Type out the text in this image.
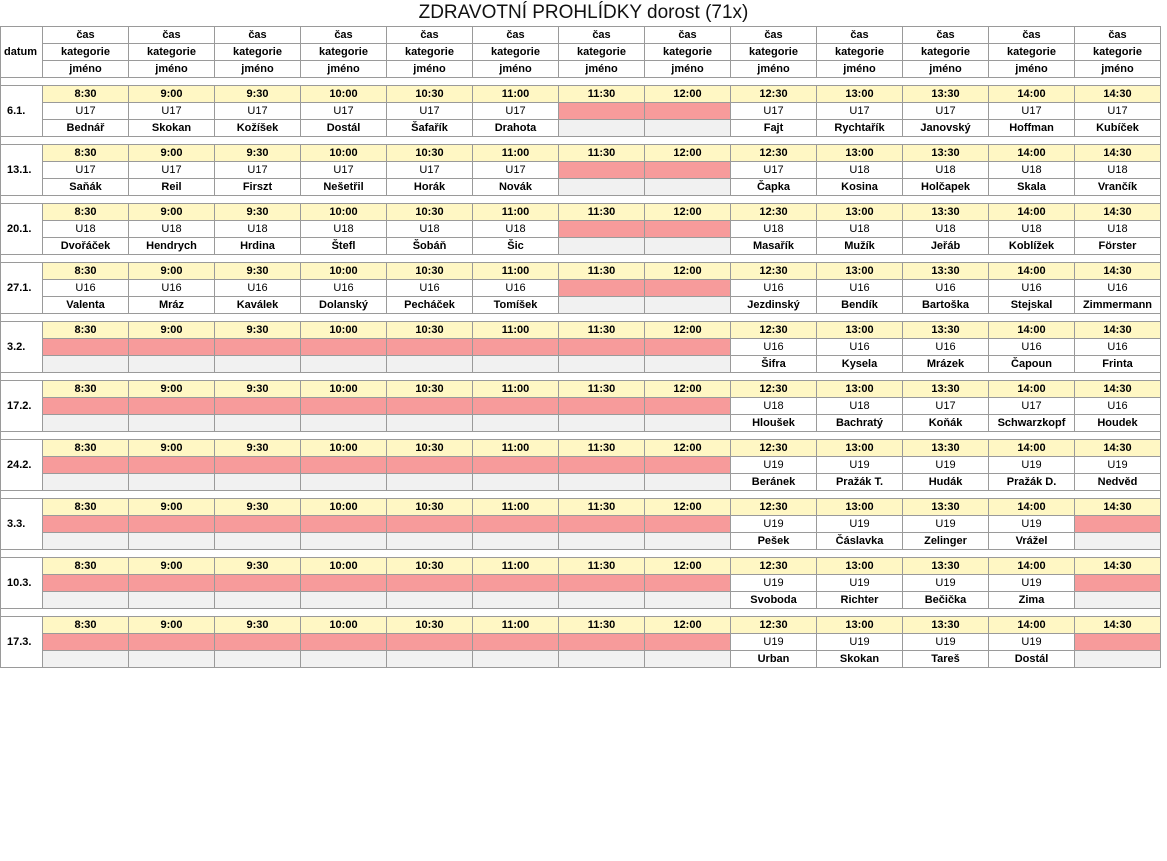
ZDRAVOTNÍ PROHLÍDKY dorost (71x)
datum	čas	čas	čas	čas	čas	čas	čas	čas	čas	čas	čas	čas	čas
	kategorie	kategorie	kategorie	kategorie	kategorie	kategorie	kategorie	kategorie	kategorie	kategorie	kategorie	kategorie	kategorie
	jméno	jméno	jméno	jméno	jméno	jméno	jméno	jméno	jméno	jméno	jméno	jméno	jméno

6.1.	8:30	9:00	9:30	10:00	10:30	11:00	11:30	12:00	12:30	13:00	13:30	14:00	14:30
	U17	U17	U17	U17	U17	U17			U17	U17	U17	U17	U17
	Bednář	Skokan	Kožíšek	Dostál	Šafařík	Drahota			Fajt	Rychtařík	Janovský	Hoffman	Kubíček

13.1.	8:30	9:00	9:30	10:00	10:30	11:00	11:30	12:00	12:30	13:00	13:30	14:00	14:30
	U17	U17	U17	U17	U17	U17			U17	U18	U18	U18	U18
	Saňák	Reil	Firszt	Nešetřil	Horák	Novák			Čapka	Kosina	Holčapek	Skala	Vrančík

20.1.	8:30	9:00	9:30	10:00	10:30	11:00	11:30	12:00	12:30	13:00	13:30	14:00	14:30
	U18	U18	U18	U18	U18	U18			U18	U18	U18	U18	U18
	Dvořáček	Hendrych	Hrdina	Štefl	Šobáň	Šic			Masařík	Mužík	Jeřáb	Koblížek	Förster

27.1.	8:30	9:00	9:30	10:00	10:30	11:00	11:30	12:00	12:30	13:00	13:30	14:00	14:30
	U16	U16	U16	U16	U16	U16			U16	U16	U16	U16	U16
	Valenta	Mráz	Kaválek	Dolanský	Pecháček	Tomíšek			Jezdinský	Bendík	Bartoška	Stejskal	Zimmermann

3.2.	8:30	9:00	9:30	10:00	10:30	11:00	11:30	12:00	12:30	13:00	13:30	14:00	14:30
									U16	U16	U16	U16	U16
									Šifra	Kysela	Mrázek	Čapoun	Frinta

17.2.	8:30	9:00	9:30	10:00	10:30	11:00	11:30	12:00	12:30	13:00	13:30	14:00	14:30
									U18	U18	U17	U17	U16
									Hloušek	Bachratý	Koňák	Schwarzkopf	Houdek

24.2.	8:30	9:00	9:30	10:00	10:30	11:00	11:30	12:00	12:30	13:00	13:30	14:00	14:30
									U19	U19	U19	U19	U19
									Beránek	Pražák T.	Hudák	Pražák D.	Nedvěd

3.3.	8:30	9:00	9:30	10:00	10:30	11:00	11:30	12:00	12:30	13:00	13:30	14:00	14:30
									U19	U19	U19	U19	
									Pešek	Čáslavka	Zelinger	Vrážel	

10.3.	8:30	9:00	9:30	10:00	10:30	11:00	11:30	12:00	12:30	13:00	13:30	14:00	14:30
									U19	U19	U19	U19	
									Svoboda	Richter	Bečička	Zima	

17.3.	8:30	9:00	9:30	10:00	10:30	11:00	11:30	12:00	12:30	13:00	13:30	14:00	14:30
									U19	U19	U19	U19	
									Urban	Skokan	Tareš	Dostál	
